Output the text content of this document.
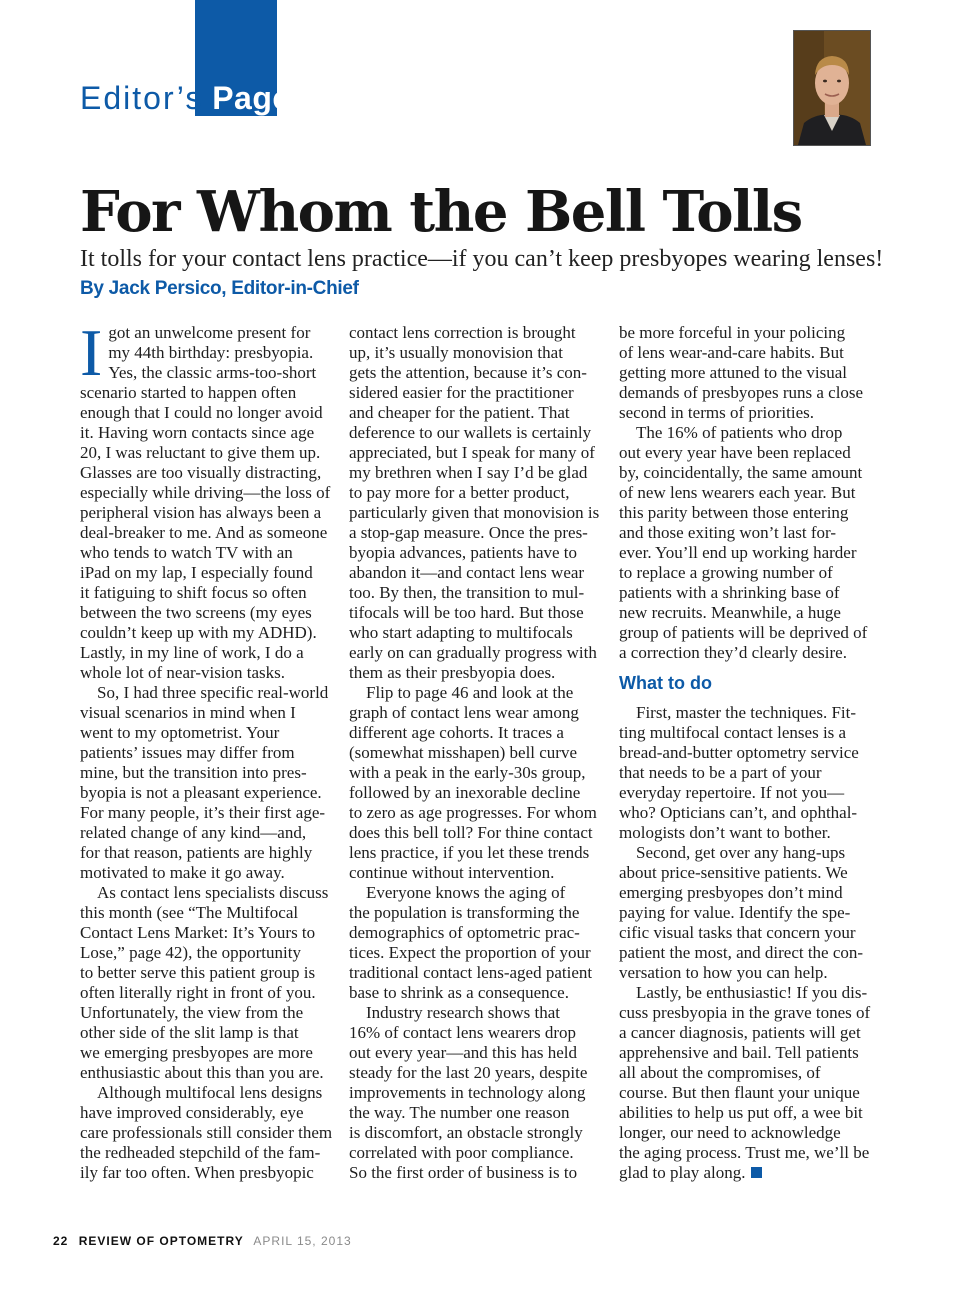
Editor’s Page
For Whom the Bell Tolls

It tolls for your contact lens practice—if you can’t keep presbyopes wearing lenses!

By Jack Persico, Editor-in-Chief

I got an unwelcome present for

my 44th birthday: presbyopia.

Yes, the classic arms-too-short

scenario started to happen often

enough that I could no longer avoid

it. Having worn contacts since age

20, I was reluctant to give them up.

Glasses are too visually distracting,

especially while driving—the loss of

peripheral vision has always been a

deal-breaker to me. And as someone

who tends to watch TV with an

iPad on my lap, I especially found

it fatiguing to shift focus so often

between the two screens (my eyes

couldn’t keep up with my ADHD).

Lastly, in my line of work, I do a

whole lot of near-vision tasks.

So, I had three specific real-world

visual scenarios in mind when I

went to my optometrist. Your

patients’ issues may differ from

mine, but the transition into pres-

byopia is not a pleasant experience.

For many people, it’s their first age-

related change of any kind—and,

for that reason, patients are highly

motivated to make it go away.

As contact lens specialists discuss

this month (see “The Multifocal

Contact Lens Market: It’s Yours to

Lose,” page 42), the opportunity

to better serve this patient group is

often literally right in front of you.

Unfortunately, the view from the

other side of the slit lamp is that

we emerging presbyopes are more

enthusiastic about this than you are.

Although multifocal lens designs

have improved considerably, eye

care professionals still consider them

the redheaded stepchild of the fam-

ily far too often. When presbyopic

contact lens correction is brought

up, it’s usually monovision that

gets the attention, because it’s con-

sidered easier for the practitioner

and cheaper for the patient. That

deference to our wallets is certainly

appreciated, but I speak for many of

my brethren when I say I’d be glad

to pay more for a better product,

particularly given that monovision is

a stop-gap measure. Once the pres-

byopia advances, patients have to

abandon it—and contact lens wear

too. By then, the transition to mul-

tifocals will be too hard. But those

who start adapting to multifocals

early on can gradually progress with

them as their presbyopia does.

Flip to page 46 and look at the

graph of contact lens wear among

different age cohorts. It traces a

(somewhat misshapen) bell curve

with a peak in the early-30s group,

followed by an inexorable decline

to zero as age progresses. For whom

does this bell toll? For thine contact

lens practice, if you let these trends

continue without intervention.

Everyone knows the aging of

the population is transforming the

demographics of optometric prac-

tices. Expect the proportion of your

traditional contact lens-aged patient

base to shrink as a consequence.

Industry research shows that

16% of contact lens wearers drop

out every year—and this has held

steady for the last 20 years, despite

improvements in technology along

the way. The number one reason

is discomfort, an obstacle strongly

correlated with poor compliance.

So the first order of business is to

be more forceful in your policing

of lens wear-and-care habits. But

getting more attuned to the visual

demands of presbyopes runs a close

second in terms of priorities.

The 16% of patients who drop

out every year have been replaced

by, coincidentally, the same amount

of new lens wearers each year. But

this parity between those entering

and those exiting won’t last for-

ever. You’ll end up working harder

to replace a growing number of

patients with a shrinking base of

new recruits. Meanwhile, a huge

group of patients will be deprived of

a correction they’d clearly desire.

What to do

First, master the techniques. Fit-

ting multifocal contact lenses is a

bread-and-butter optometry service

that needs to be a part of your

everyday repertoire. If not you—

who? Opticians can’t, and ophthal-

mologists don’t want to bother.

Second, get over any hang-ups

about price-sensitive patients. We

emerging presbyopes don’t mind

paying for value. Identify the spe-

cific visual tasks that concern your

patient the most, and direct the con-

versation to how you can help.

Lastly, be enthusiastic! If you dis-

cuss presbyopia in the grave tones of

a cancer diagnosis, patients will get

apprehensive and bail. Tell patients

all about the compromises, of

course. But then flaunt your unique

abilities to help us put off, a wee bit

longer, our need to acknowledge

the aging process. Trust me, we’ll be

glad to play along.

22 REVIEW OF OPTOMETRY APRIL 15, 2013
